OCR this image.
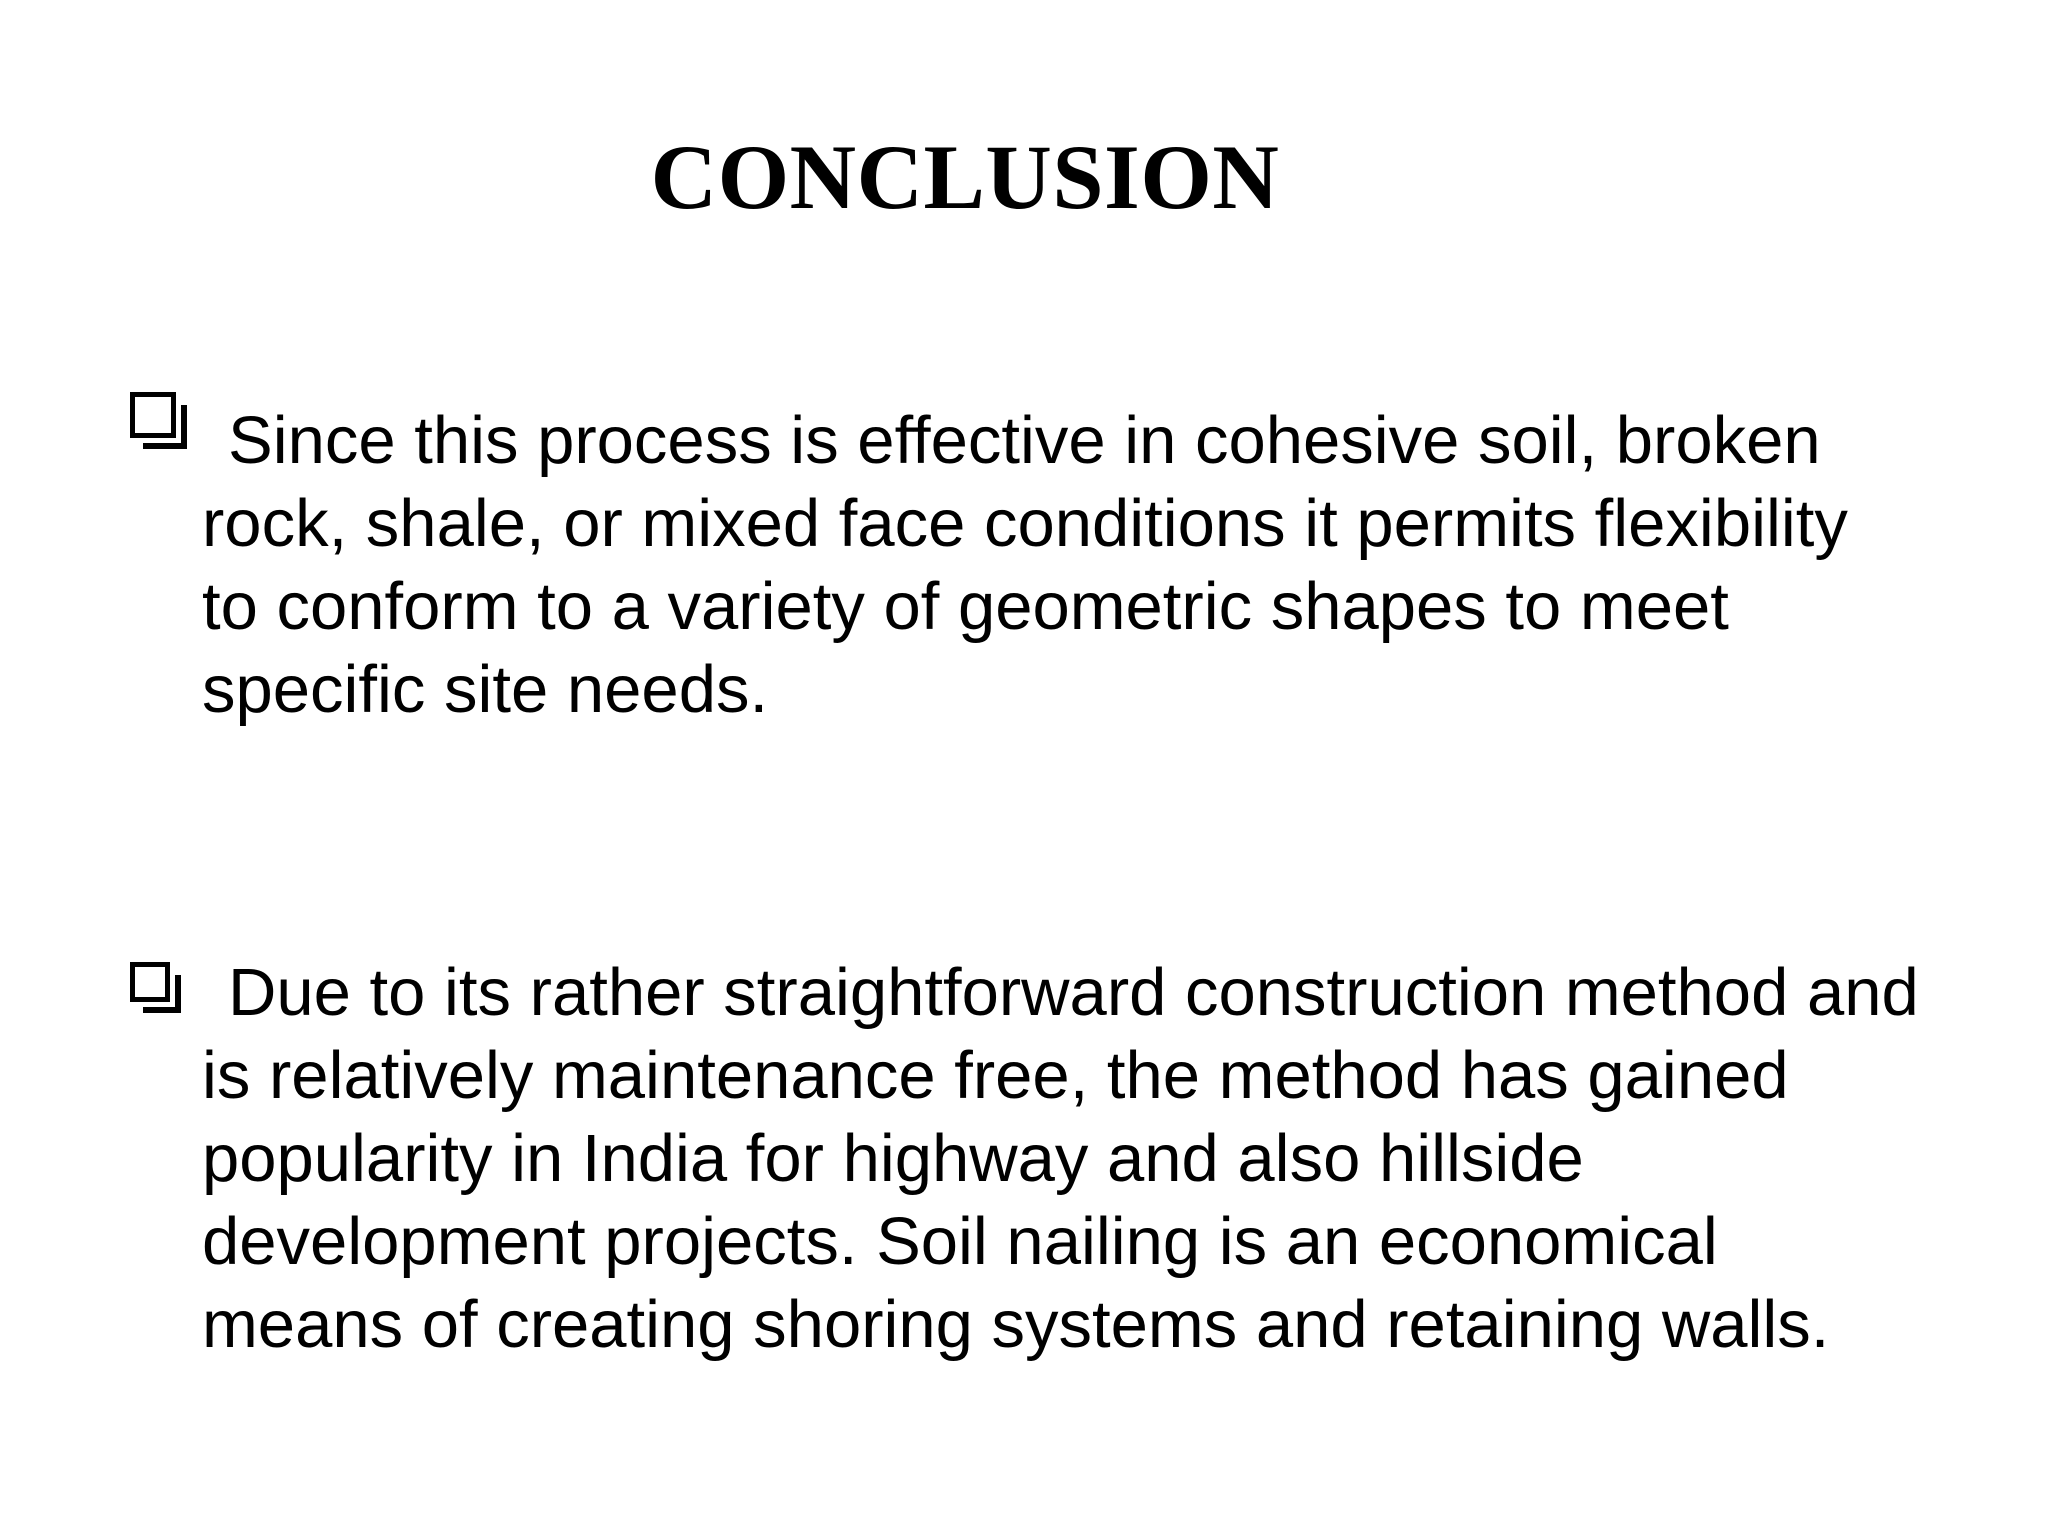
CONCLUSION

Since this process is effective in cohesive soil, broken rock, shale, or mixed face conditions it permits flexibility to conform to a variety of geometric shapes to meet specific site needs.

Due to its rather straightforward construction method and is relatively maintenance free, the method has gained popularity in India for highway and also hillside development projects. Soil nailing is an economical means of creating shoring systems and retaining walls.
